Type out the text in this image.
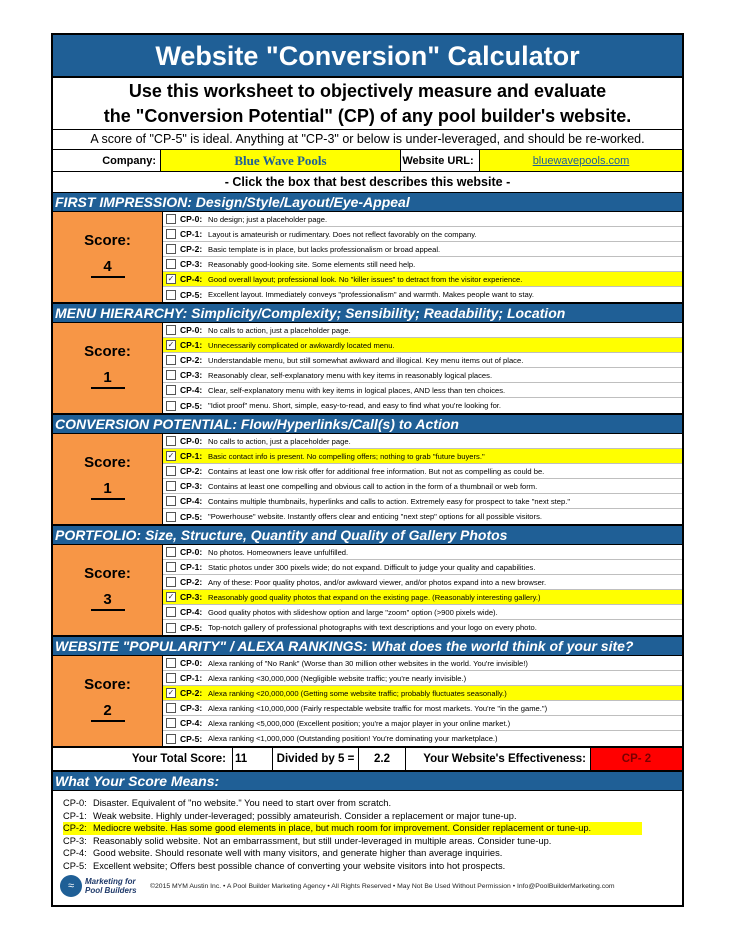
Website "Conversion" Calculator
Use this worksheet to objectively measure and evaluate
the "Conversion Potential" (CP) of any pool builder's website.
A score of "CP-5" is ideal. Anything at "CP-3" or below is under-leveraged, and should be re-worked.
Company:	Blue Wave Pools	Website URL:	bluewavepools.com
- Click the box that best describes this website -
FIRST IMPRESSION: Design/Style/Layout/Eye-Appeal
Score:
4
CP-0: No design; just a placeholder page.
CP-1: Layout is amateurish or rudimentary. Does not reflect favorably on the company.
CP-2: Basic template is in place, but lacks professionalism or broad appeal.
CP-3: Reasonably good-looking site. Some elements still need help.
✓ CP-4: Good overall layout; professional look. No "killer issues" to detract from the visitor experience.
CP-5: Excellent layout. Immediately conveys "professionalism" and warmth. Makes people want to stay.
MENU HIERARCHY: Simplicity/Complexity; Sensibility; Readability; Location
Score:
1
CP-0: No calls to action, just a placeholder page.
✓ CP-1: Unnecessarily complicated or awkwardly located menu.
CP-2: Understandable menu, but still somewhat awkward and illogical. Key menu items out of place.
CP-3: Reasonably clear, self-explanatory menu with key items in reasonably logical places.
CP-4: Clear, self-explanatory menu with key items in logical places, AND less than ten choices.
CP-5: "Idiot proof" menu. Short, simple, easy-to-read, and easy to find what you're looking for.
CONVERSION POTENTIAL: Flow/Hyperlinks/Call(s) to Action
Score:
1
CP-0: No calls to action, just a placeholder page.
✓ CP-1: Basic contact info is present. No compelling offers; nothing to grab "future buyers."
CP-2: Contains at least one low risk offer for additional free information. But not as compelling as could be.
CP-3: Contains at least one compelling and obvious call to action in the form of a thumbnail or web form.
CP-4: Contains multiple thumbnails, hyperlinks and calls to action. Extremely easy for prospect to take "next step."
CP-5: "Powerhouse" website. Instantly offers clear and enticing "next step" options for all possible visitors.
PORTFOLIO: Size, Structure, Quantity and Quality of Gallery Photos
Score:
3
CP-0: No photos. Homeowners leave unfulfilled.
CP-1: Static photos under 300 pixels wide; do not expand. Difficult to judge your quality and capabilities.
CP-2: Any of these: Poor quality photos, and/or awkward viewer, and/or photos expand into a new browser.
✓ CP-3: Reasonably good quality photos that expand on the existing page. (Reasonably interesting gallery.)
CP-4: Good quality photos with slideshow option and large "zoom" option (>900 pixels wide).
CP-5: Top-notch gallery of professional photographs with text descriptions and your logo on every photo.
WEBSITE "POPULARITY" / ALEXA RANKINGS: What does the world think of your site?
Score:
2
CP-0: Alexa ranking of "No Rank" (Worse than 30 million other websites in the world. You're invisible!)
CP-1: Alexa ranking <30,000,000 (Negligible website traffic; you're nearly invisible.)
✓ CP-2: Alexa ranking <20,000,000 (Getting some website traffic; probably fluctuates seasonally.)
CP-3: Alexa ranking <10,000,000 (Fairly respectable website traffic for most markets. You're "in the game.")
CP-4: Alexa ranking <5,000,000 (Excellent position; you're a major player in your online market.)
CP-5: Alexa ranking <1,000,000 (Outstanding position! You're dominating your marketplace.)
Your Total Score: 11	Divided by 5 =	2.2	Your Website's Effectiveness:	CP- 2
What Your Score Means:
CP-0: Disaster. Equivalent of "no website." You need to start over from scratch.
CP-1: Weak website. Highly under-leveraged; possibly amateurish. Consider a replacement or major tune-up.
CP-2: Mediocre website. Has some good elements in place, but much room for improvement. Consider replacement or tune-up.
CP-3: Reasonably solid website. Not an embarrassment, but still under-leveraged in multiple areas. Consider tune-up.
CP-4: Good website. Should resonate well with many visitors, and generate higher than average inquiries.
CP-5: Excellent website; Offers best possible chance of converting your website visitors into hot prospects.
≈	Marketing for
Pool Builders ©2015 MYM Austin Inc. • A Pool Builder Marketing Agency • All Rights Reserved • May Not Be Used Without Permission • Info@PoolBuilderMarketing.com
